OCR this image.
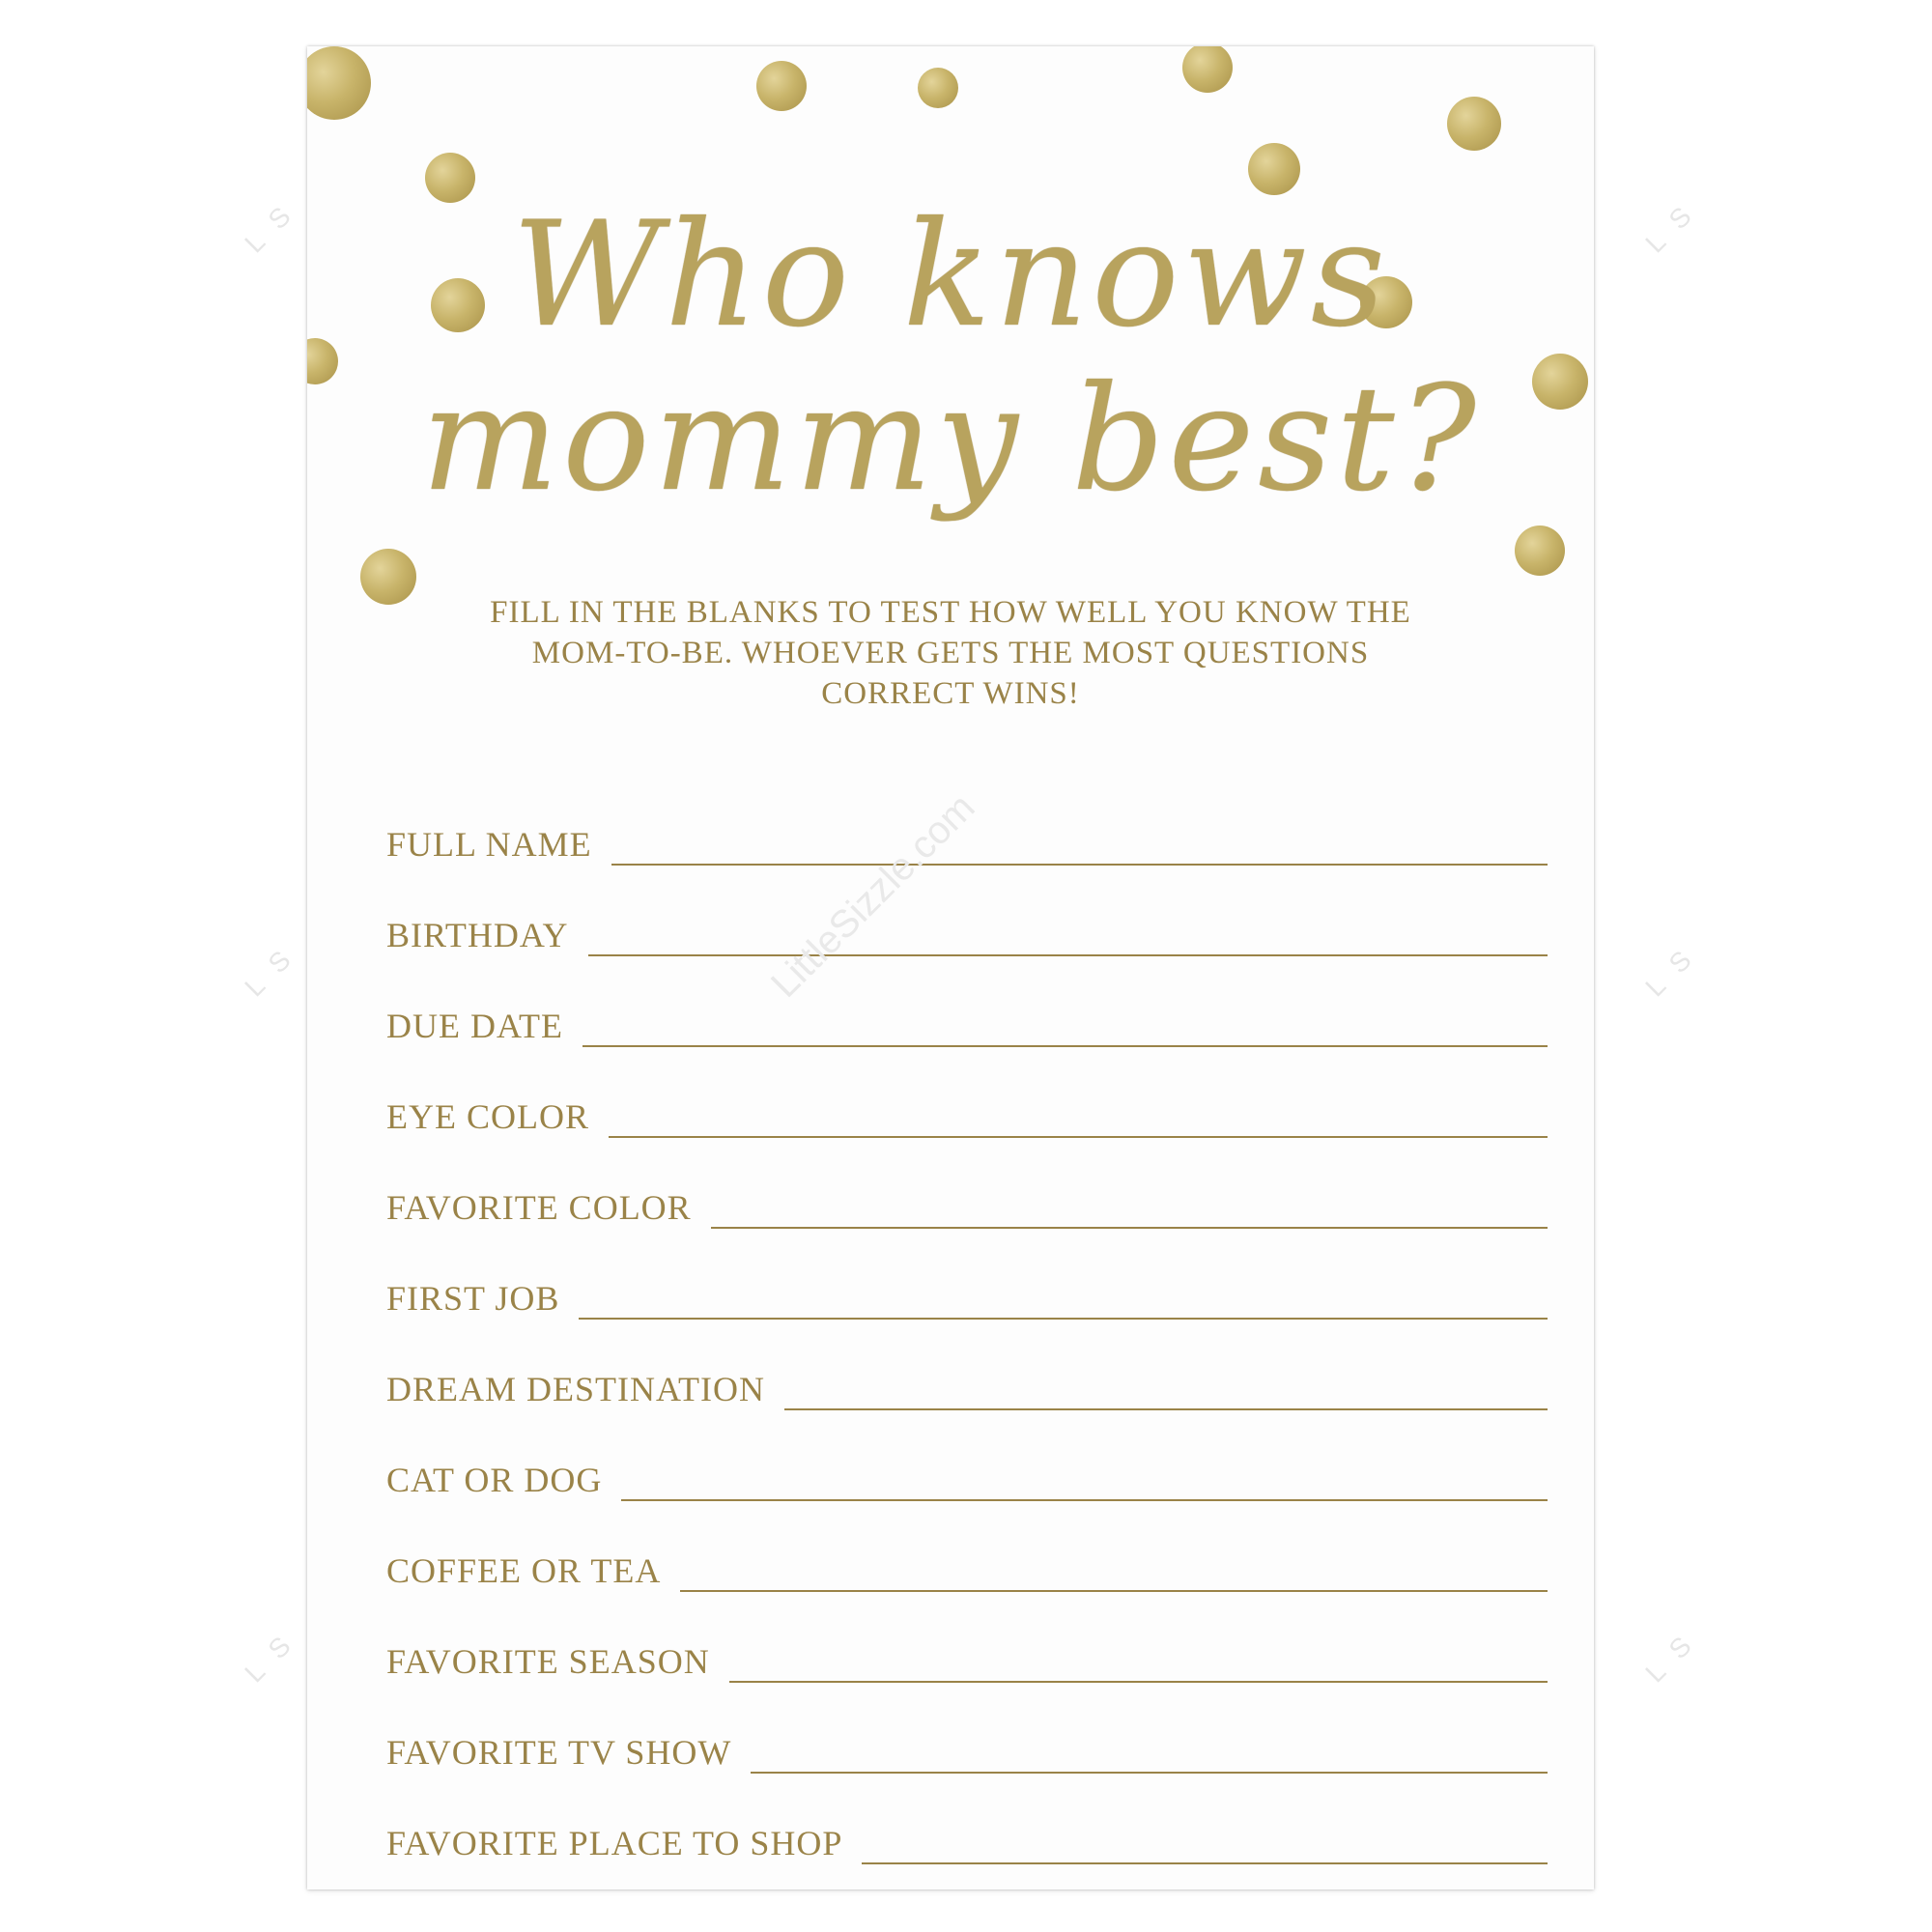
L S	L S
L S	L S
L S	L S
Who knows
mommy best?
FILL IN THE BLANKS TO TEST HOW WELL YOU KNOW THE MOM-TO-BE. WHOEVER GETS THE MOST QUESTIONS CORRECT WINS!
FULL NAME
BIRTHDAY
DUE DATE
EYE COLOR
FAVORITE COLOR
FIRST JOB
DREAM DESTINATION
CAT OR DOG
COFFEE OR TEA
FAVORITE SEASON
FAVORITE TV SHOW
FAVORITE PLACE TO SHOP
LittleSizzle.com
